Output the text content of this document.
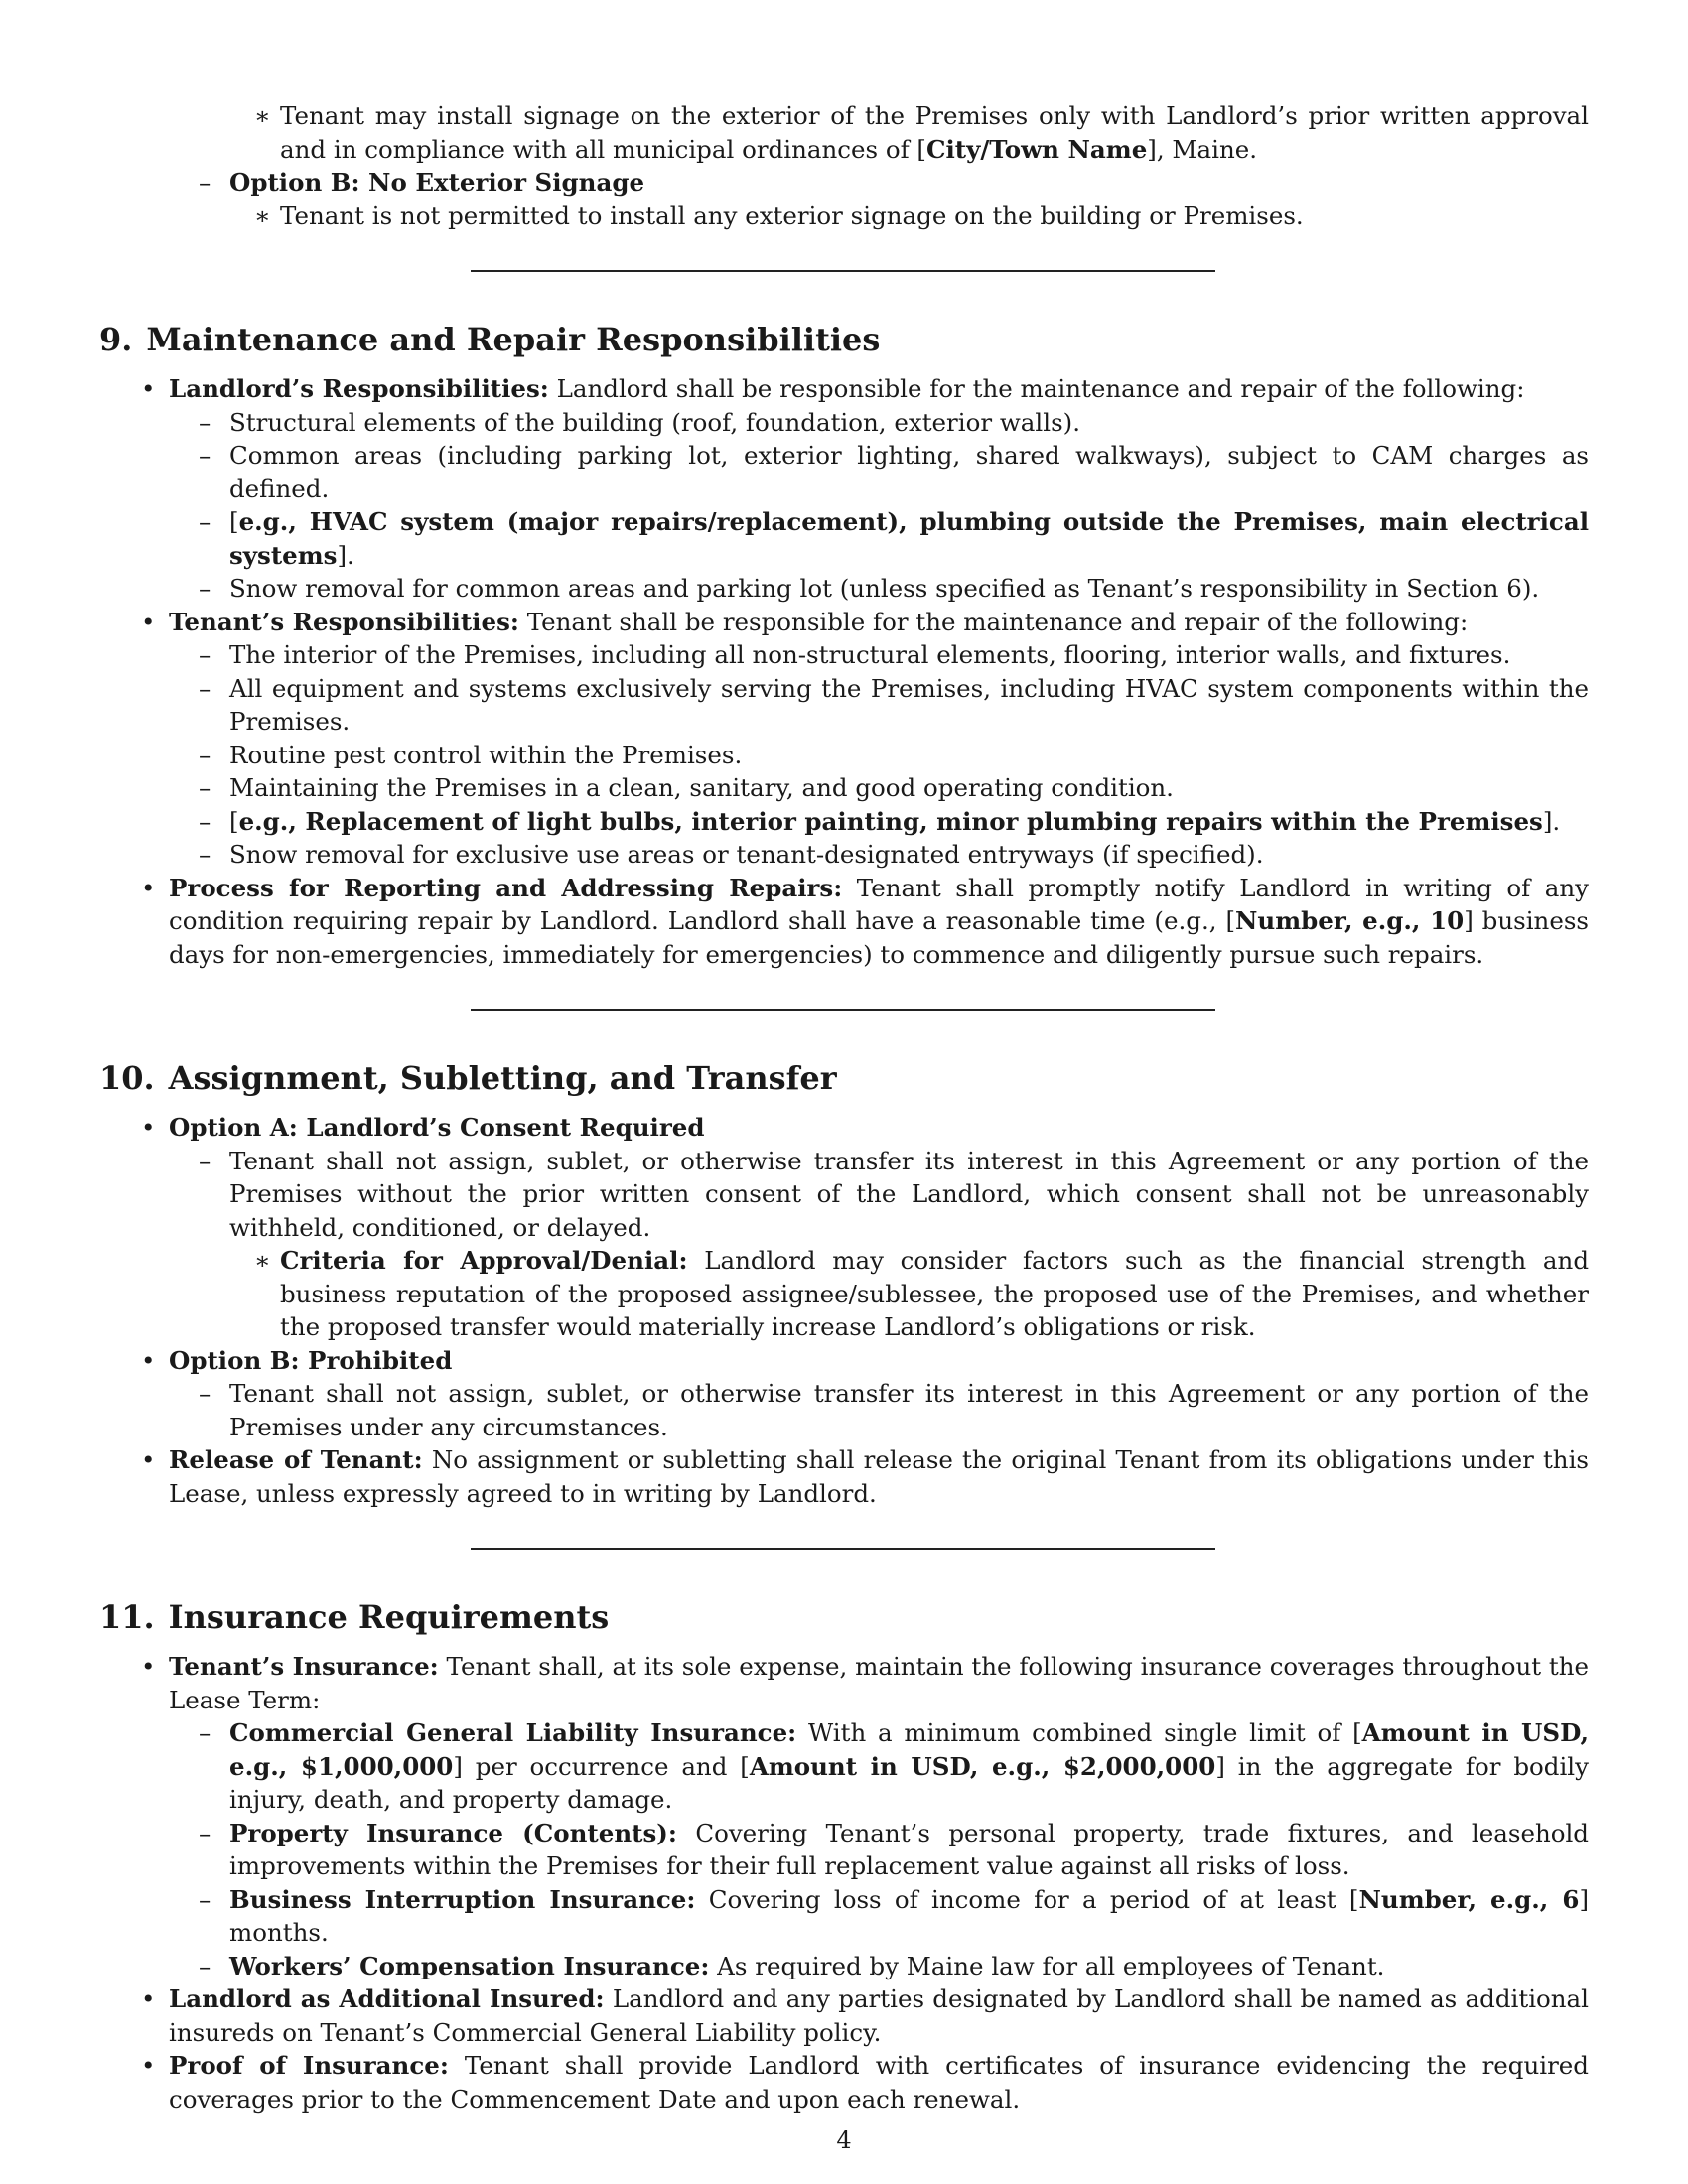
∗ Tenant may install signage on the exterior of the Premises only with Landlord’s prior written approval and in compliance with all municipal ordinances of [City/Town Name], Maine.
– Option B: No Exterior Signage
∗ Tenant is not permitted to install any exterior signage on the building or Premises.
9. Maintenance and Repair Responsibilities
• Landlord’s Responsibilities: Landlord shall be responsible for the maintenance and repair of the following:
– Structural elements of the building (roof, foundation, exterior walls).
– Common areas (including parking lot, exterior lighting, shared walkways), subject to CAM charges as defined.
– [e.g., HVAC system (major repairs/replacement), plumbing outside the Premises, main electrical systems].
– Snow removal for common areas and parking lot (unless specified as Tenant’s responsibility in Section 6).
• Tenant’s Responsibilities: Tenant shall be responsible for the maintenance and repair of the following:
– The interior of the Premises, including all non-structural elements, flooring, interior walls, and fixtures.
– All equipment and systems exclusively serving the Premises, including HVAC system components within the Premises.
– Routine pest control within the Premises.
– Maintaining the Premises in a clean, sanitary, and good operating condition.
– [e.g., Replacement of light bulbs, interior painting, minor plumbing repairs within the Premises].
– Snow removal for exclusive use areas or tenant-designated entryways (if specified).
• Process for Reporting and Addressing Repairs: Tenant shall promptly notify Landlord in writing of any condition requiring repair by Landlord. Landlord shall have a reasonable time (e.g., [Number, e.g., 10] business days for non-emergencies, immediately for emergencies) to commence and diligently pursue such repairs.
10. Assignment, Subletting, and Transfer
• Option A: Landlord’s Consent Required
– Tenant shall not assign, sublet, or otherwise transfer its interest in this Agreement or any portion of the Premises without the prior written consent of the Landlord, which consent shall not be unreasonably withheld, conditioned, or delayed.
∗ Criteria for Approval/Denial: Landlord may consider factors such as the financial strength and business reputation of the proposed assignee/sublessee, the proposed use of the Premises, and whether the proposed transfer would materially increase Landlord’s obligations or risk.
• Option B: Prohibited
– Tenant shall not assign, sublet, or otherwise transfer its interest in this Agreement or any portion of the Premises under any circumstances.
• Release of Tenant: No assignment or subletting shall release the original Tenant from its obligations under this Lease, unless expressly agreed to in writing by Landlord.
11. Insurance Requirements
• Tenant’s Insurance: Tenant shall, at its sole expense, maintain the following insurance coverages throughout the Lease Term:
– Commercial General Liability Insurance: With a minimum combined single limit of [Amount in USD, e.g., $1,000,000] per occurrence and [Amount in USD, e.g., $2,000,000] in the aggregate for bodily injury, death, and property damage.
– Property Insurance (Contents): Covering Tenant’s personal property, trade fixtures, and leasehold improvements within the Premises for their full replacement value against all risks of loss.
– Business Interruption Insurance: Covering loss of income for a period of at least [Number, e.g., 6] months.
– Workers’ Compensation Insurance: As required by Maine law for all employees of Tenant.
• Landlord as Additional Insured: Landlord and any parties designated by Landlord shall be named as additional insureds on Tenant’s Commercial General Liability policy.
• Proof of Insurance: Tenant shall provide Landlord with certificates of insurance evidencing the required coverages prior to the Commencement Date and upon each renewal.
4
